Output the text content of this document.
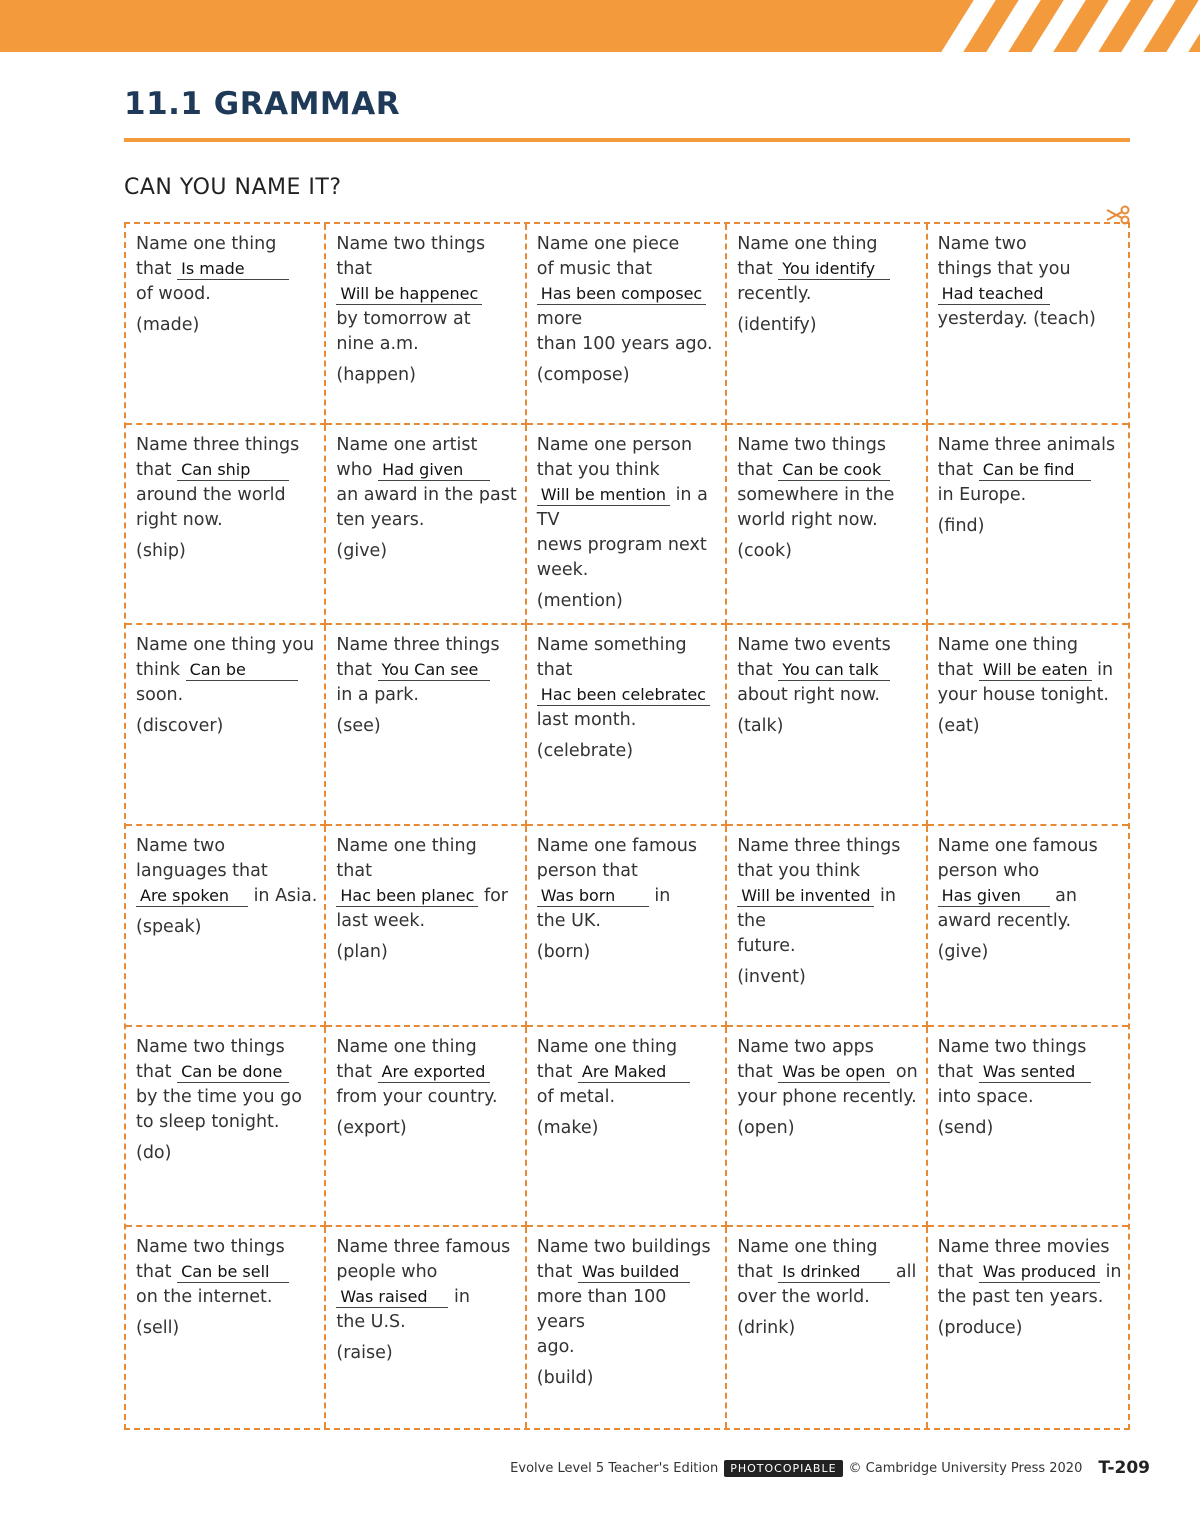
11.1 GRAMMAR
CAN YOU NAME IT?
Name one thing
that Is made
of wood.
(made)
Name two things
that Will be happenec
by tomorrow at
nine a.m.
(happen)
Name one piece
of music that
Has been composec more
than 100 years ago.
(compose)
Name one thing
that You identify
recently.
(identify)
Name two
things that you
Had teached
yesterday. (teach)
Name three things
that Can ship
around the world
right now.
(ship)
Name one artist
who Had given
an award in the past
ten years.
(give)
Name one person
that you think
Will be mention in a TV
news program next
week.
(mention)
Name two things
that Can be cook
somewhere in the
world right now.
(cook)
Name three animals
that Can be find
in Europe.
(find)
Name one thing you
think Can be
soon.
(discover)
Name three things
that You Can see
in a park.
(see)
Name something
that Hac been celebratec
last month.
(celebrate)
Name two events
that You can talk
about right now.
(talk)
Name one thing
that Will be eaten in
your house tonight.
(eat)
Name two
languages that
Are spoken in Asia.
(speak)
Name one thing
that Hac been planec for
last week.
(plan)
Name one famous
person that
Was born in
the UK.
(born)
Name three things
that you think
Will be invented in the
future.
(invent)
Name one famous
person who
Has given an
award recently.
(give)
Name two things
that Can be done
by the time you go
to sleep tonight.
(do)
Name one thing
that Are exported
from your country.
(export)
Name one thing
that Are Maked
of metal.
(make)
Name two apps
that Was be open on
your phone recently.
(open)
Name two things
that Was sented
into space.
(send)
Name two things
that Can be sell
on the internet.
(sell)
Name three famous
people who
Was raised in
the U.S.
(raise)
Name two buildings
that Was builded
more than 100 years
ago.
(build)
Name one thing
that Is drinked all
over the world.
(drink)
Name three movies
that Was produced in
the past ten years.
(produce)
Evolve Level 5 Teacher's Edition	PHOTOCOPIABLE © Cambridge University Press 2020 T-209
